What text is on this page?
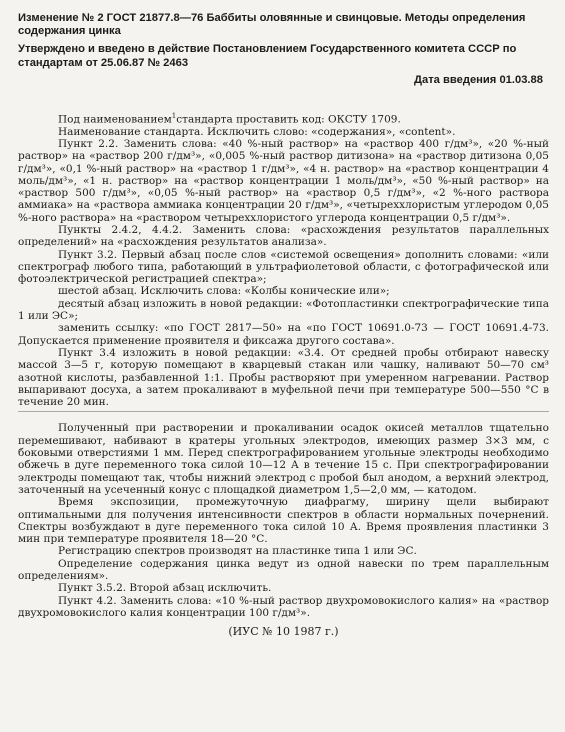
Изменение № 2 ГОСТ 21877.8—76 Баббиты оловянные и свинцовые. Методы определения содержания цинка

Утверждено и введено в действие Постановлением Государственного комитета СССР по стандартам от 25.06.87 № 2463

Дата введения 01.03.88

Под наименованием$^1$стандарта проставить код: ОКСТУ 1709.

Наименование стандарта. Исключить слово: «содержания», «content».

Пункт 2.2. Заменить слова: «40 %-ный раствор» на «раствор 400 г/дм³», «20 %-ный раствор» на «раствор 200 г/дм³», «0,005 %-ный раствор дитизона» на «раствор дитизона 0,05 г/дм³», «0,1 %-ный раствор» на «раствор 1 г/дм³», «4 н. раствор» на «раствор концентрации 4 моль/дм³», «1 н. раствор» на «раствор концентрации 1 моль/дм³», «50 %-ный раствор» на «раствор 500 г/дм³», «0,05 %-ный раствор» на «раствор 0,5 г/дм³», «2 %-ного раствора аммиака» на «раствора аммиака концентрации 20 г/дм³», «четыреххлористым углеродом 0,05 %-ного раствора» на «раствором четыреххлористого углерода концентрации 0,5 г/дм³».

Пункты 2.4.2, 4.4.2. Заменить слова: «расхождения результатов параллельных определений» на «расхождения результатов анализа».

Пункт 3.2. Первый абзац после слов «системой освещения» дополнить словами: «или спектрограф любого типа, работающий в ультрафиолетовой области, с фотографической или фотоэлектрической регистрацией спектра»;

шестой абзац. Исключить слова: «Колбы конические или»;

десятый абзац изложить в новой редакции: «Фотопластинки спектрографические типа 1 или ЭС»;

заменить ссылку: «по ГОСТ 2817—50» на «по ГОСТ 10691.0-73 — ГОСТ 10691.4-73. Допускается применение проявителя и фиксажа другого состава».

Пункт 3.4 изложить в новой редакции: «3.4. От средней пробы отбирают навеску массой 3—5 г, которую помещают в кварцевый стакан или чашку, наливают 50—70 см³ азотной кислоты, разбавленной 1:1. Пробы растворяют при умеренном нагревании. Раствор выпаривают досуха, а затем прокаливают в муфельной печи при температуре 500—550 °С в течение 20 мин.

Полученный при растворении и прокаливании осадок окисей металлов тщательно перемешивают, набивают в кратеры угольных электродов, имеющих размер 3×3 мм, с боковыми отверстиями 1 мм. Перед спектрографированием угольные электроды необходимо обжечь в дуге переменного тока силой 10—12 А в течение 15 с. При спектрографировании электроды помещают так, чтобы нижний электрод с пробой был анодом, а верхний электрод, заточенный на усеченный конус с площадкой диаметром 1,5—2,0 мм, — катодом.

Время экспозиции, промежуточную диафрагму, ширину щели выбирают оптимальными для получения интенсивности спектров в области нормальных почернений. Спектры возбуждают в дуге переменного тока силой 10 А. Время проявления пластинки 3 мин при температуре проявителя 18—20 °С.

Регистрацию спектров производят на пластинке типа 1 или ЭС.

Определение содержания цинка ведут из одной навески по трем параллельным определениям».

Пункт 3.5.2. Второй абзац исключить.

Пункт 4.2. Заменить слова: «10 %-ный раствор двухромовокислого калия» на «раствор двухромовокислого калия концентрации 100 г/дм³».

(ИУС № 10 1987 г.)
